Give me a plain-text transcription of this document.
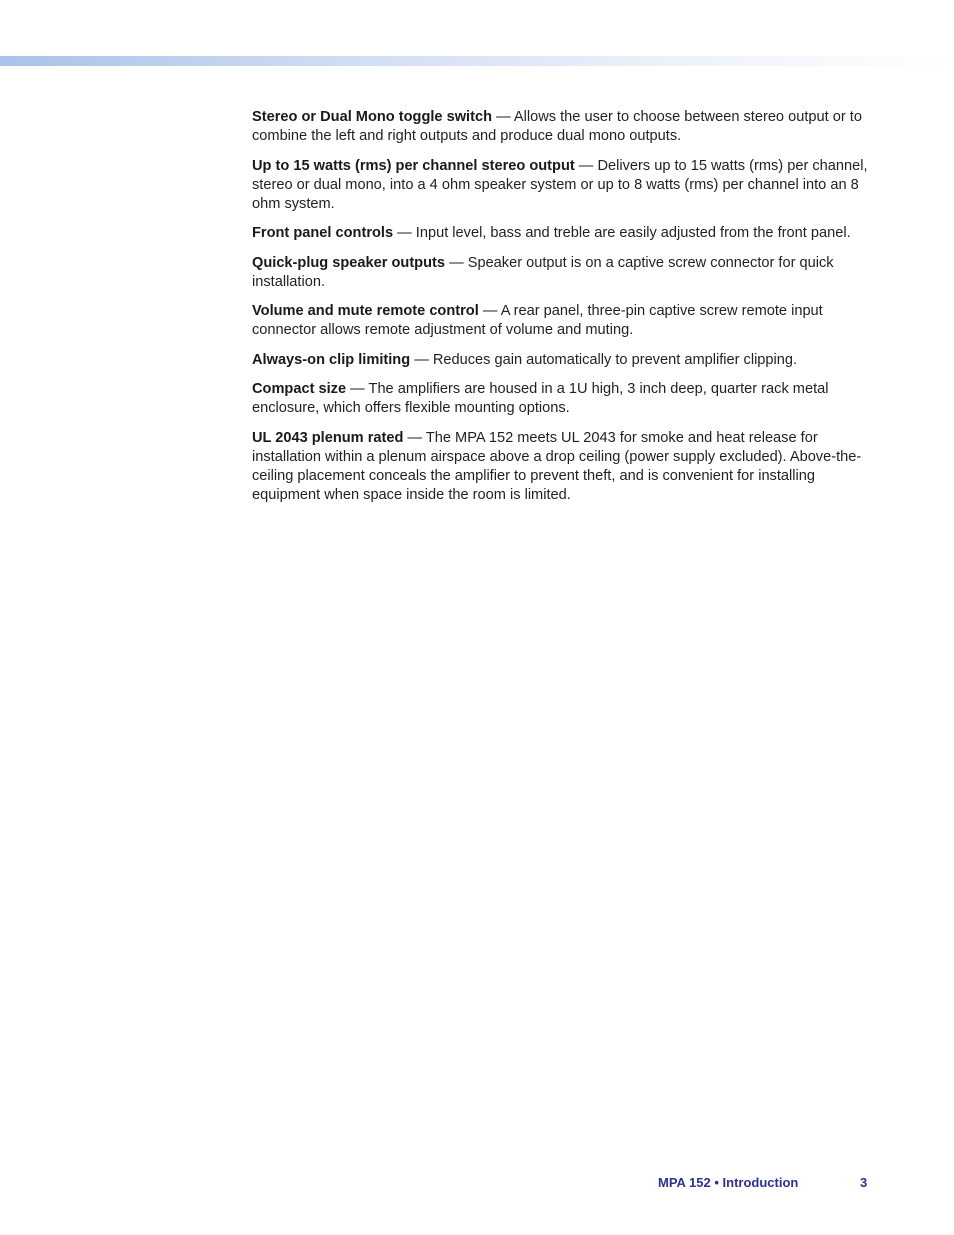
Stereo or Dual Mono toggle switch — Allows the user to choose between stereo output or to combine the left and right outputs and produce dual mono outputs.

Up to 15 watts (rms) per channel stereo output — Delivers up to 15 watts (rms) per channel, stereo or dual mono, into a 4 ohm speaker system or up to 8 watts (rms) per channel into an 8 ohm system.

Front panel controls — Input level, bass and treble are easily adjusted from the front panel.

Quick-plug speaker outputs — Speaker output is on a captive screw connector for quick installation.

Volume and mute remote control — A rear panel, three-pin captive screw remote input connector allows remote adjustment of volume and muting.

Always-on clip limiting — Reduces gain automatically to prevent amplifier clipping.

Compact size — The amplifiers are housed in a 1U high, 3 inch deep, quarter rack metal enclosure, which offers flexible mounting options.

UL 2043 plenum rated — The MPA 152 meets UL 2043 for smoke and heat release for installation within a plenum airspace above a drop ceiling (power supply excluded). Above-the-ceiling placement conceals the amplifier to prevent theft, and is convenient for installing equipment when space inside the room is limited.

MPA 152 • Introduction	3
